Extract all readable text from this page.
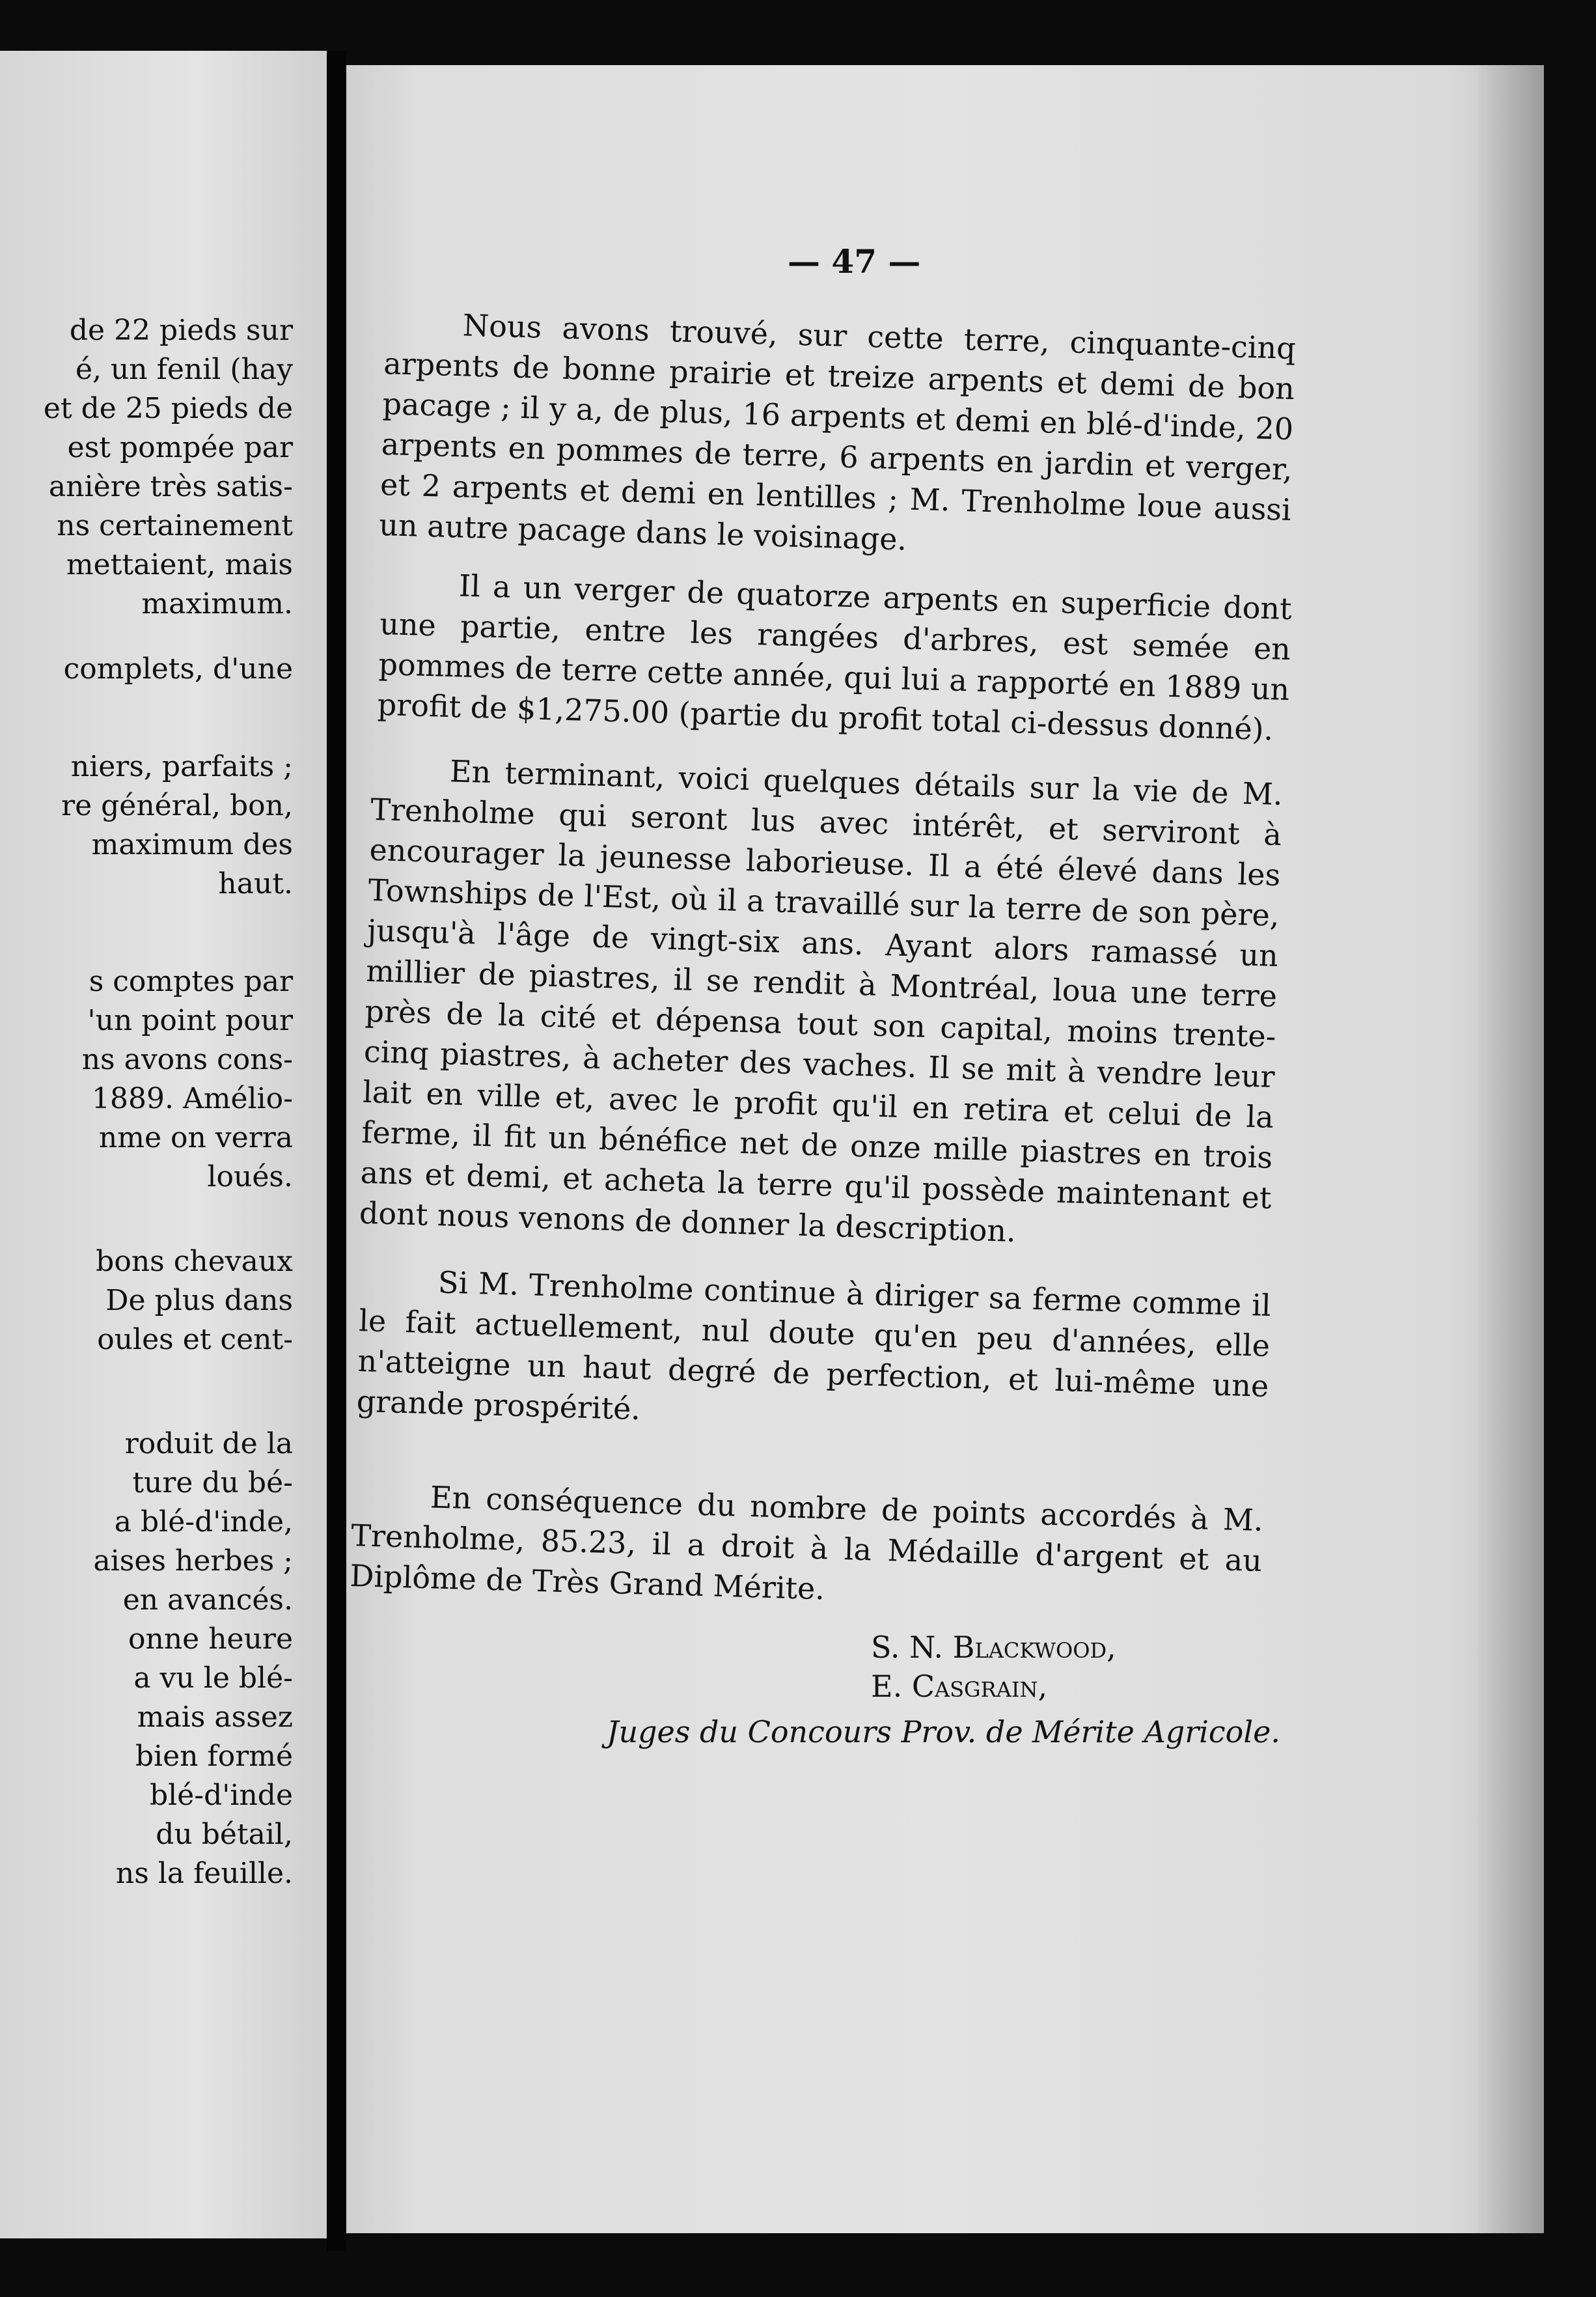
de 22 pieds sur

é, un fenil (hay

et de 25 pieds de

est pompée par

anière très satis-

ns certainement

mettaient, mais

maximum.

complets, d'une

niers, parfaits ;

re général, bon,

maximum des

haut.

s comptes par

'un point pour

ns avons cons-

1889. Amélio-

nme on verra

loués.

bons chevaux

De plus dans

oules et cent-

roduit de la

ture du bé-

a blé-d'inde,

aises herbes ;

en avancés.

onne heure

a vu le blé-

mais assez

bien formé

blé-d'inde

du bétail,

ns la feuille.

— 47 —

Nous avons trouvé, sur cette terre, cinquante-cinq arpents de bonne prairie et treize arpents et demi de bon pacage ; il y a, de plus, 16 arpents et demi en blé-d'inde, 20 arpents en pommes de terre, 6 arpents en jardin et verger, et 2 arpents et demi en lentilles ; M. Trenholme loue aussi un autre pacage dans le voisinage.

Il a un verger de quatorze arpents en superficie dont une partie, entre les rangées d'arbres, est semée en pommes de terre cette année, qui lui a rapporté en 1889 un profit de $1,275.00 (partie du profit total ci-dessus donné).

En terminant, voici quelques détails sur la vie de M. Trenholme qui seront lus avec intérêt, et serviront à encourager la jeunesse laborieuse. Il a été élevé dans les Townships de l'Est, où il a travaillé sur la terre de son père, jusqu'à l'âge de vingt-six ans. Ayant alors ramassé un millier de piastres, il se rendit à Montréal, loua une terre près de la cité et dépensa tout son capital, moins trente-cinq piastres, à acheter des vaches. Il se mit à vendre leur lait en ville et, avec le profit qu'il en retira et celui de la ferme, il fit un bénéfice net de onze mille piastres en trois ans et demi, et acheta la terre qu'il possède maintenant et dont nous venons de donner la description.

Si M. Trenholme continue à diriger sa ferme comme il le fait actuellement, nul doute qu'en peu d'années, elle n'atteigne un haut degré de perfection, et lui-même une grande prospérité.

En conséquence du nombre de points accordés à M. Trenholme, 85.23, il a droit à la Médaille d'argent et au Diplôme de Très Grand Mérite.

S. N. Blackwood,

E. Casgrain,

Juges du Concours Prov. de Mérite Agricole.
